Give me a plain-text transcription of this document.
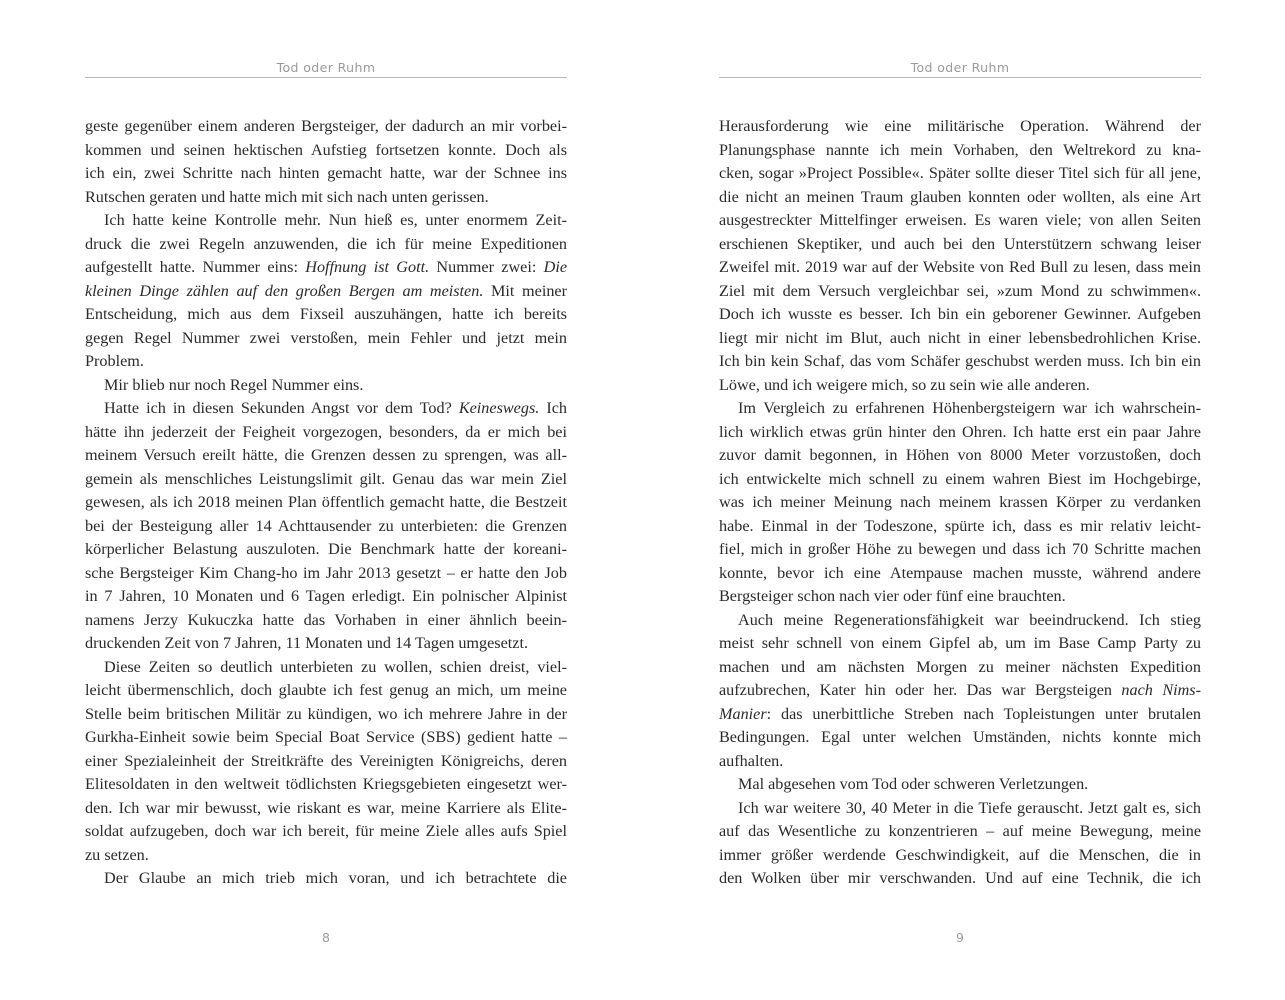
Tod oder Ruhm
geste gegenüber einem anderen Bergsteiger, der dadurch an mir vorbei-
kommen und seinen hektischen Aufstieg fortsetzen konnte. Doch als
ich ein, zwei Schritte nach hinten gemacht hatte, war der Schnee ins
Rutschen geraten und hatte mich mit sich nach unten gerissen.
Ich hatte keine Kontrolle mehr. Nun hieß es, unter enormem Zeit-
druck die zwei Regeln anzuwenden, die ich für meine Expeditionen
aufgestellt hatte. Nummer eins: Hoffnung ist Gott. Nummer zwei: Die
kleinen Dinge zählen auf den großen Bergen am meisten. Mit meiner
Entscheidung, mich aus dem Fixseil auszuhängen, hatte ich bereits
gegen Regel Nummer zwei verstoßen, mein Fehler und jetzt mein
Problem.
Mir blieb nur noch Regel Nummer eins.
Hatte ich in diesen Sekunden Angst vor dem Tod? Keineswegs. Ich
hätte ihn jederzeit der Feigheit vorgezogen, besonders, da er mich bei
meinem Versuch ereilt hätte, die Grenzen dessen zu sprengen, was all-
gemein als menschliches Leistungslimit gilt. Genau das war mein Ziel
gewesen, als ich 2018 meinen Plan öffentlich gemacht hatte, die Bestzeit
bei der Besteigung aller 14 Achttausender zu unterbieten: die Grenzen
körperlicher Belastung auszuloten. Die Benchmark hatte der koreani-
sche Bergsteiger Kim Chang-ho im Jahr 2013 gesetzt – er hatte den Job
in 7 Jahren, 10 Monaten und 6 Tagen erledigt. Ein polnischer Alpinist
namens Jerzy Kukuczka hatte das Vorhaben in einer ähnlich beein-
druckenden Zeit von 7 Jahren, 11 Monaten und 14 Tagen umgesetzt.
Diese Zeiten so deutlich unterbieten zu wollen, schien dreist, viel-
leicht übermenschlich, doch glaubte ich fest genug an mich, um meine
Stelle beim britischen Militär zu kündigen, wo ich mehrere Jahre in der
Gurkha-Einheit sowie beim Special Boat Service (SBS) gedient hatte –
einer Spezialeinheit der Streitkräfte des Vereinigten Königreichs, deren
Elitesoldaten in den weltweit tödlichsten Kriegsgebieten eingesetzt wer-
den. Ich war mir bewusst, wie riskant es war, meine Karriere als Elite-
soldat aufzugeben, doch war ich bereit, für meine Ziele alles aufs Spiel
zu setzen.
Der Glaube an mich trieb mich voran, und ich betrachtete die
8
Tod oder Ruhm
Herausforderung wie eine militärische Operation. Während der
Planungsphase nannte ich mein Vorhaben, den Weltrekord zu kna-
cken, sogar »Project Possible«. Später sollte dieser Titel sich für all jene,
die nicht an meinen Traum glauben konnten oder wollten, als eine Art
ausgestreckter Mittelfinger erweisen. Es waren viele; von allen Seiten
erschienen Skeptiker, und auch bei den Unterstützern schwang leiser
Zweifel mit. 2019 war auf der Website von Red Bull zu lesen, dass mein
Ziel mit dem Versuch vergleichbar sei, »zum Mond zu schwimmen«.
Doch ich wusste es besser. Ich bin ein geborener Gewinner. Aufgeben
liegt mir nicht im Blut, auch nicht in einer lebensbedrohlichen Krise.
Ich bin kein Schaf, das vom Schäfer geschubst werden muss. Ich bin ein
Löwe, und ich weigere mich, so zu sein wie alle anderen.
Im Vergleich zu erfahrenen Höhenbergsteigern war ich wahrschein-
lich wirklich etwas grün hinter den Ohren. Ich hatte erst ein paar Jahre
zuvor damit begonnen, in Höhen von 8000 Meter vorzustoßen, doch
ich entwickelte mich schnell zu einem wahren Biest im Hochgebirge,
was ich meiner Meinung nach meinem krassen Körper zu verdanken
habe. Einmal in der Todeszone, spürte ich, dass es mir relativ leicht-
fiel, mich in großer Höhe zu bewegen und dass ich 70 Schritte machen
konnte, bevor ich eine Atempause machen musste, während andere
Bergsteiger schon nach vier oder fünf eine brauchten.
Auch meine Regenerationsfähigkeit war beeindruckend. Ich stieg
meist sehr schnell von einem Gipfel ab, um im Base Camp Party zu
machen und am nächsten Morgen zu meiner nächsten Expedition
aufzubrechen, Kater hin oder her. Das war Bergsteigen nach Nims-
Manier: das unerbittliche Streben nach Topleistungen unter brutalen
Bedingungen. Egal unter welchen Umständen, nichts konnte mich
aufhalten.
Mal abgesehen vom Tod oder schweren Verletzungen.
Ich war weitere 30, 40 Meter in die Tiefe gerauscht. Jetzt galt es, sich
auf das Wesentliche zu konzentrieren – auf meine Bewegung, meine
immer größer werdende Geschwindigkeit, auf die Menschen, die in
den Wolken über mir verschwanden. Und auf eine Technik, die ich
9
